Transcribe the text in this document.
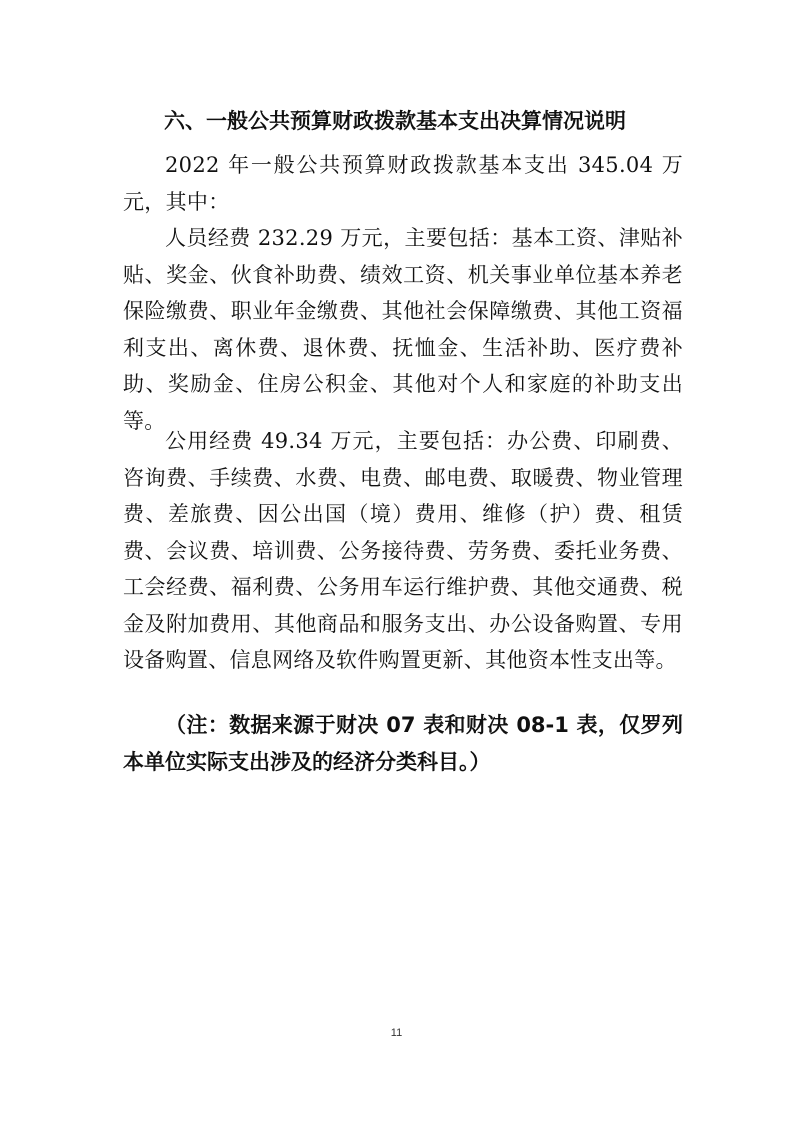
六、一般公共预算财政拨款基本支出决算情况说明

2022 年一般公共预算财政拨款基本支出 345.04 万元，其中：

人员经费 232.29 万元，主要包括：基本工资、津贴补贴、奖金、伙食补助费、绩效工资、机关事业单位基本养老保险缴费、职业年金缴费、其他社会保障缴费、其他工资福利支出、离休费、退休费、抚恤金、生活补助、医疗费补助、奖励金、住房公积金、其他对个人和家庭的补助支出等。

公用经费 49.34 万元，主要包括：办公费、印刷费、咨询费、手续费、水费、电费、邮电费、取暖费、物业管理费、差旅费、因公出国（境）费用、维修（护）费、租赁费、会议费、培训费、公务接待费、劳务费、委托业务费、工会经费、福利费、公务用车运行维护费、其他交通费、税金及附加费用、其他商品和服务支出、办公设备购置、专用设备购置、信息网络及软件购置更新、其他资本性支出等。

（注：数据来源于财决 07 表和财决 08-1 表，仅罗列本单位实际支出涉及的经济分类科目。）

11
